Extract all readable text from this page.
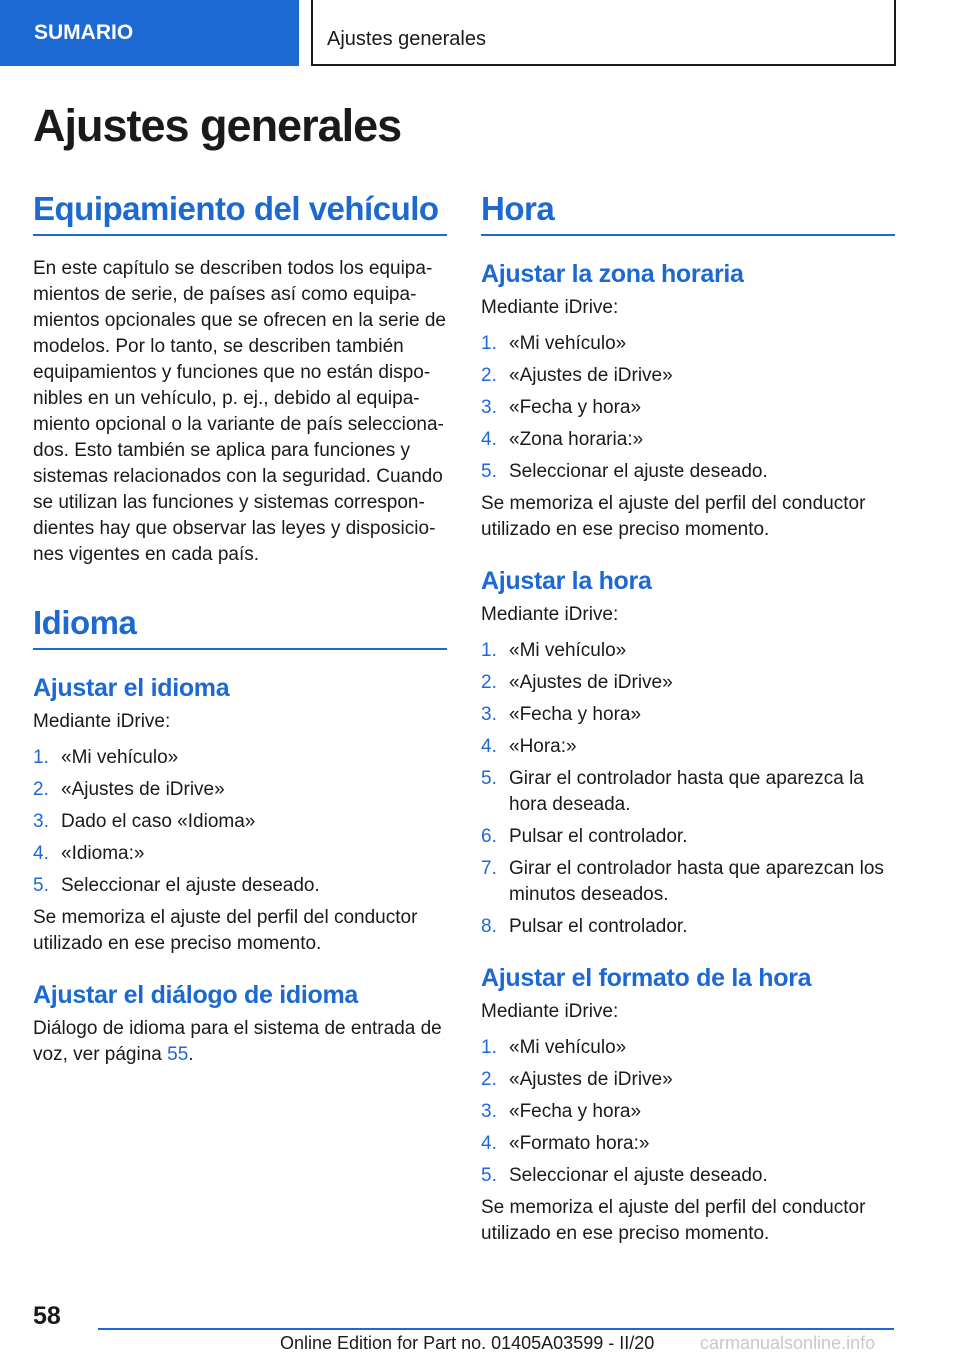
SUMARIO	Ajustes generales
Ajustes generales
Equipamiento del vehículo

En este capítulo se describen todos los equipamientos de serie, de países así como equipamientos opcionales que se ofrecen en la serie de modelos. Por lo tanto, se describen también equipamientos y funciones que no están disponibles en un vehículo, p. ej., debido al equipamiento opcional o la variante de país seleccionados. Esto también se aplica para funciones y sistemas relacionados con la seguridad. Cuando se utilizan las funciones y sistemas correspondientes hay que observar las leyes y disposiciones vigentes en cada país.

Idioma
Ajustar el idioma

Mediante iDrive:

1. «Mi vehículo»
2. «Ajustes de iDrive»
3. Dado el caso «Idioma»
4. «Idioma:»
5. Seleccionar el ajuste deseado.

Se memoriza el ajuste del perfil del conductor utilizado en ese preciso momento.

Ajustar el diálogo de idioma

Diálogo de idioma para el sistema de entrada de voz, ver página 55.

Hora
Ajustar la zona horaria

Mediante iDrive:

1. «Mi vehículo»
2. «Ajustes de iDrive»
3. «Fecha y hora»
4. «Zona horaria:»
5. Seleccionar el ajuste deseado.

Se memoriza el ajuste del perfil del conductor utilizado en ese preciso momento.

Ajustar la hora

Mediante iDrive:

1. «Mi vehículo»
2. «Ajustes de iDrive»
3. «Fecha y hora»
4. «Hora:»
5. Girar el controlador hasta que aparezca la hora deseada.
6. Pulsar el controlador.
7. Girar el controlador hasta que aparezcan los minutos deseados.
8. Pulsar el controlador.
Ajustar el formato de la hora

Mediante iDrive:

1. «Mi vehículo»
2. «Ajustes de iDrive»
3. «Fecha y hora»
4. «Formato hora:»
5. Seleccionar el ajuste deseado.

Se memoriza el ajuste del perfil del conductor utilizado en ese preciso momento.

58
Online Edition for Part no. 01405A03599 - II/20	carmanualsonline.info
